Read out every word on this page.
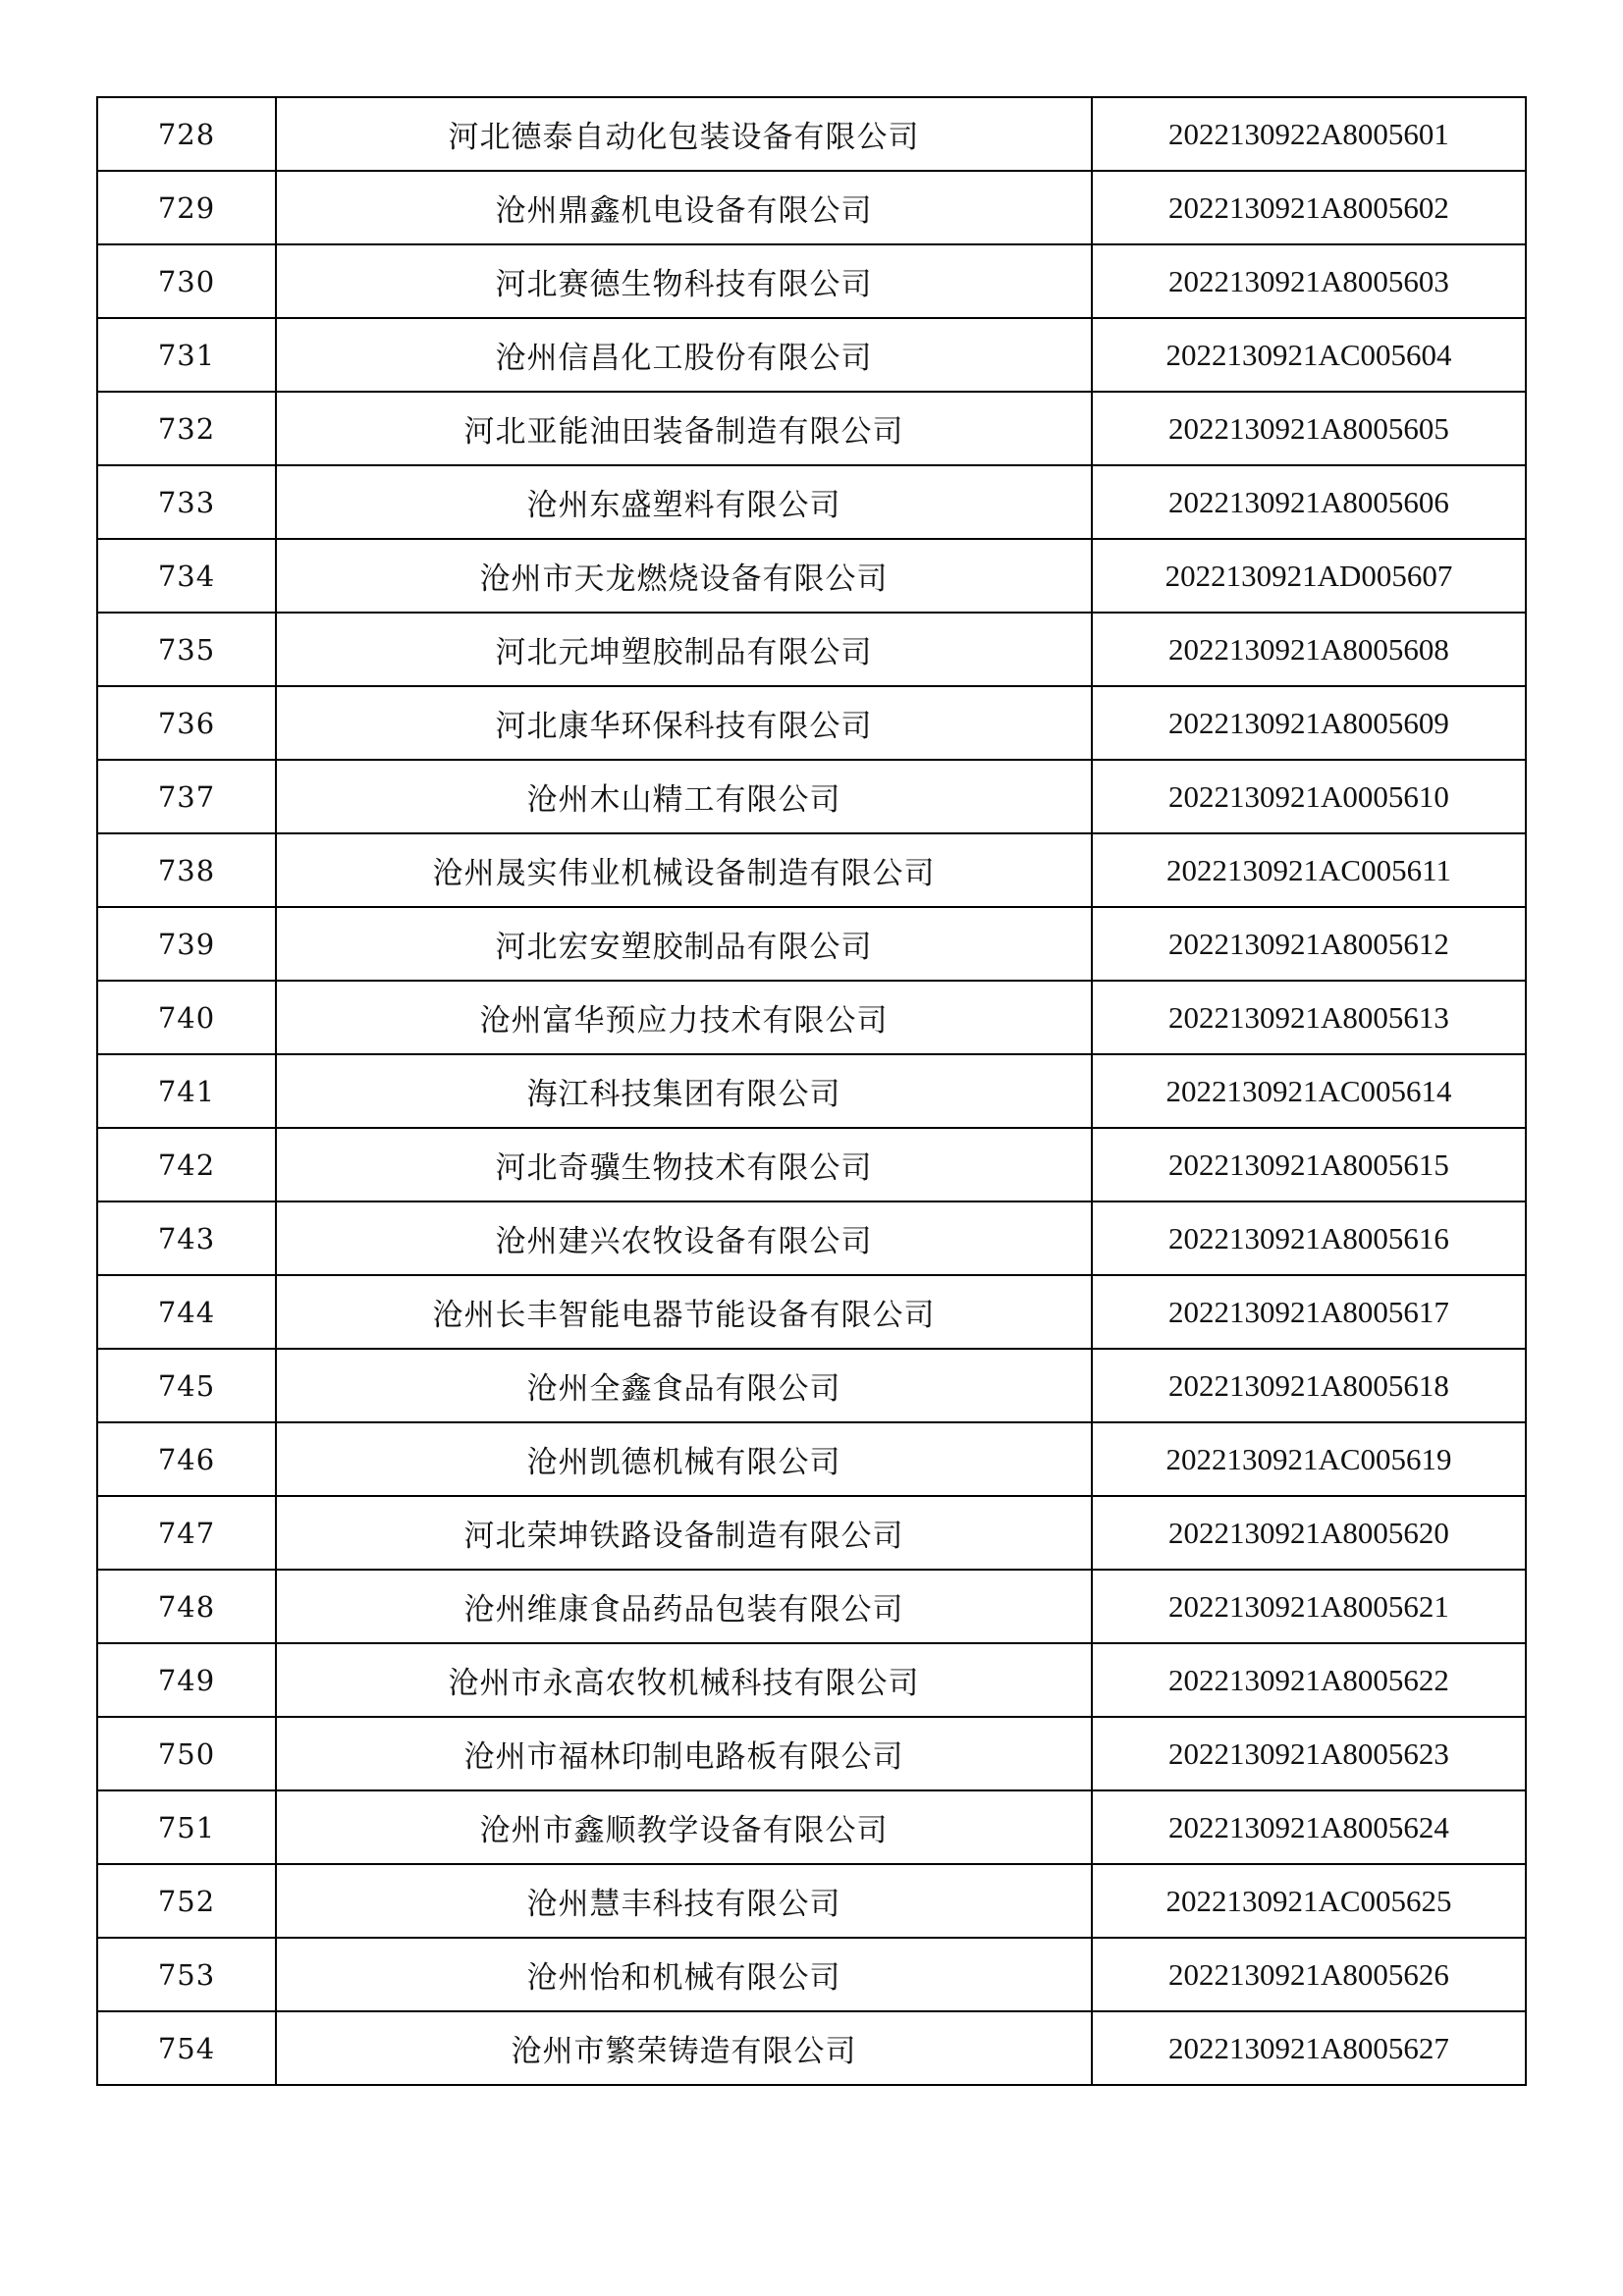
728	河北德泰自动化包装设备有限公司	2022130922A8005601
729	沧州鼎鑫机电设备有限公司	2022130921A8005602
730	河北赛德生物科技有限公司	2022130921A8005603
731	沧州信昌化工股份有限公司	2022130921AC005604
732	河北亚能油田装备制造有限公司	2022130921A8005605
733	沧州东盛塑料有限公司	2022130921A8005606
734	沧州市天龙燃烧设备有限公司	2022130921AD005607
735	河北元坤塑胶制品有限公司	2022130921A8005608
736	河北康华环保科技有限公司	2022130921A8005609
737	沧州木山精工有限公司	2022130921A0005610
738	沧州晟实伟业机械设备制造有限公司	2022130921AC005611
739	河北宏安塑胶制品有限公司	2022130921A8005612
740	沧州富华预应力技术有限公司	2022130921A8005613
741	海江科技集团有限公司	2022130921AC005614
742	河北奇骥生物技术有限公司	2022130921A8005615
743	沧州建兴农牧设备有限公司	2022130921A8005616
744	沧州长丰智能电器节能设备有限公司	2022130921A8005617
745	沧州全鑫食品有限公司	2022130921A8005618
746	沧州凯德机械有限公司	2022130921AC005619
747	河北荣坤铁路设备制造有限公司	2022130921A8005620
748	沧州维康食品药品包装有限公司	2022130921A8005621
749	沧州市永高农牧机械科技有限公司	2022130921A8005622
750	沧州市福林印制电路板有限公司	2022130921A8005623
751	沧州市鑫顺教学设备有限公司	2022130921A8005624
752	沧州慧丰科技有限公司	2022130921AC005625
753	沧州怡和机械有限公司	2022130921A8005626
754	沧州市繁荣铸造有限公司	2022130921A8005627
